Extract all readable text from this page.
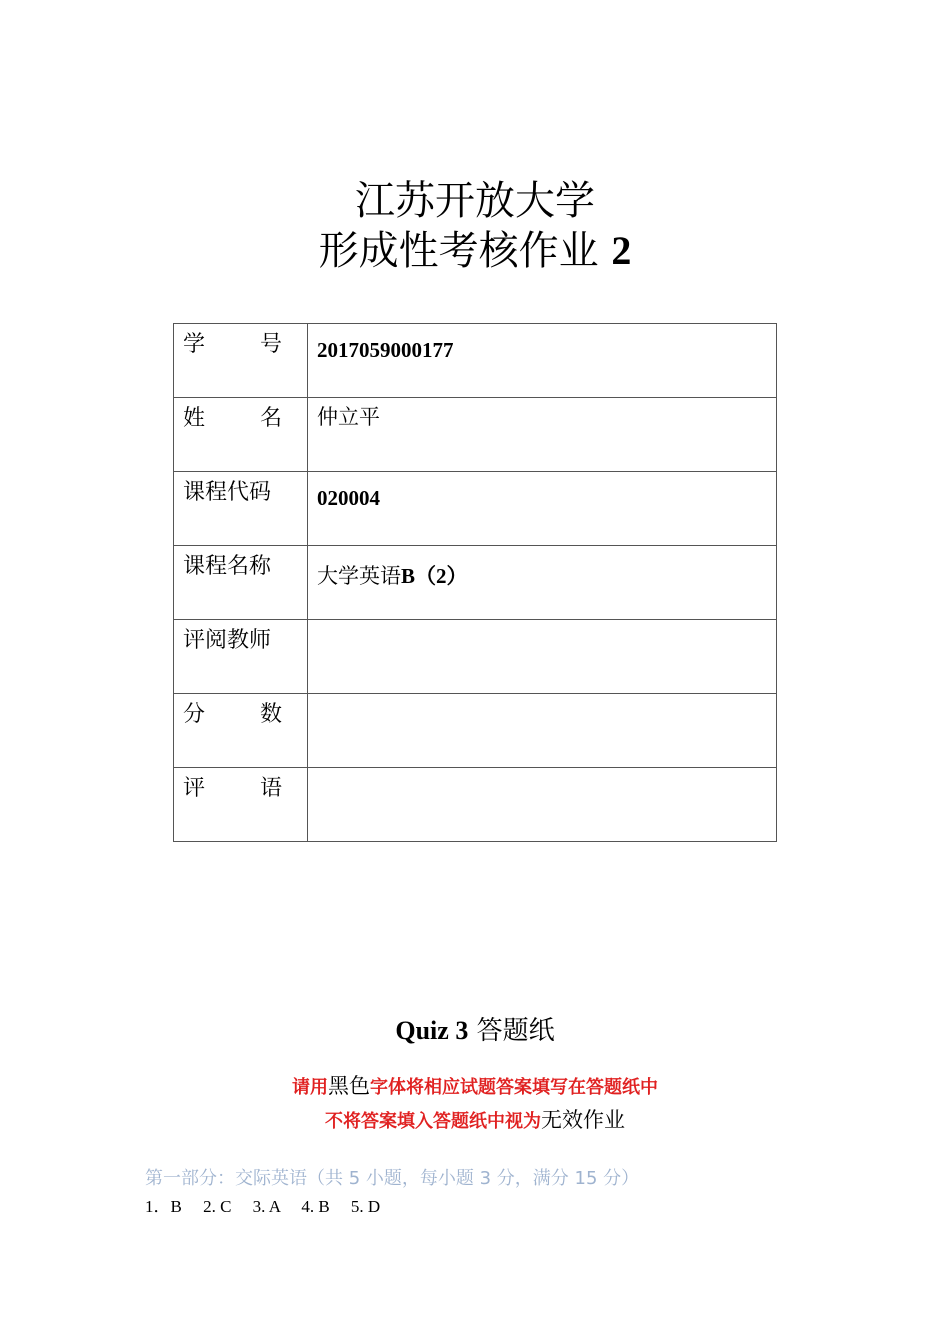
江苏开放大学
形成性考核作业 2
学 号	2017059000177
姓 名	仲立平
课程代码	020004
课程名称	大学英语B（2）
评阅教师	
分 数	
评 语	
Quiz 3 答题纸
请用黑色字体将相应试题答案填写在答题纸中
不将答案填入答题纸中视为无效作业
第一部分：交际英语（共 5 小题，每小题 3 分，满分 15 分）
1．B     2. C     3. A     4. B     5. D
